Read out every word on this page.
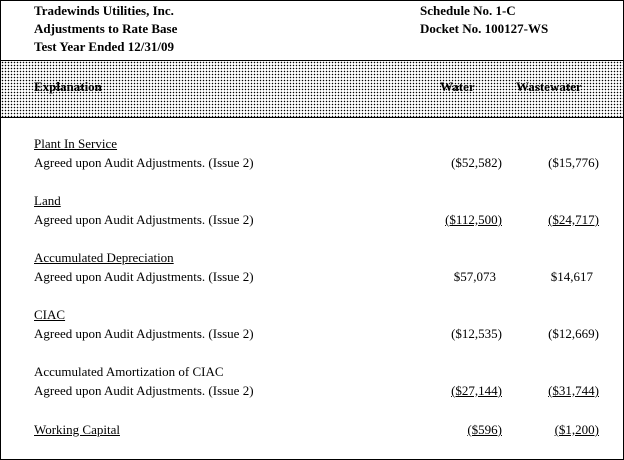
Tradewinds Utilities, Inc.
Adjustments to Rate Base
Test Year Ended 12/31/09
Schedule No. 1-C
Docket No. 100127-WS
Explanation	Water	Wastewater
Plant In Service
Agreed upon Audit Adjustments. (Issue 2)	($52,582)	($15,776)
Land
Agreed upon Audit Adjustments. (Issue 2)	($112,500)	($24,717)
Accumulated Depreciation
Agreed upon Audit Adjustments. (Issue 2)	$57,073	$14,617
CIAC
Agreed upon Audit Adjustments. (Issue 2)	($12,535)	($12,669)
Accumulated Amortization of CIAC
Agreed upon Audit Adjustments. (Issue 2)	($27,144)	($31,744)
Working Capital	($596)	($1,200)
